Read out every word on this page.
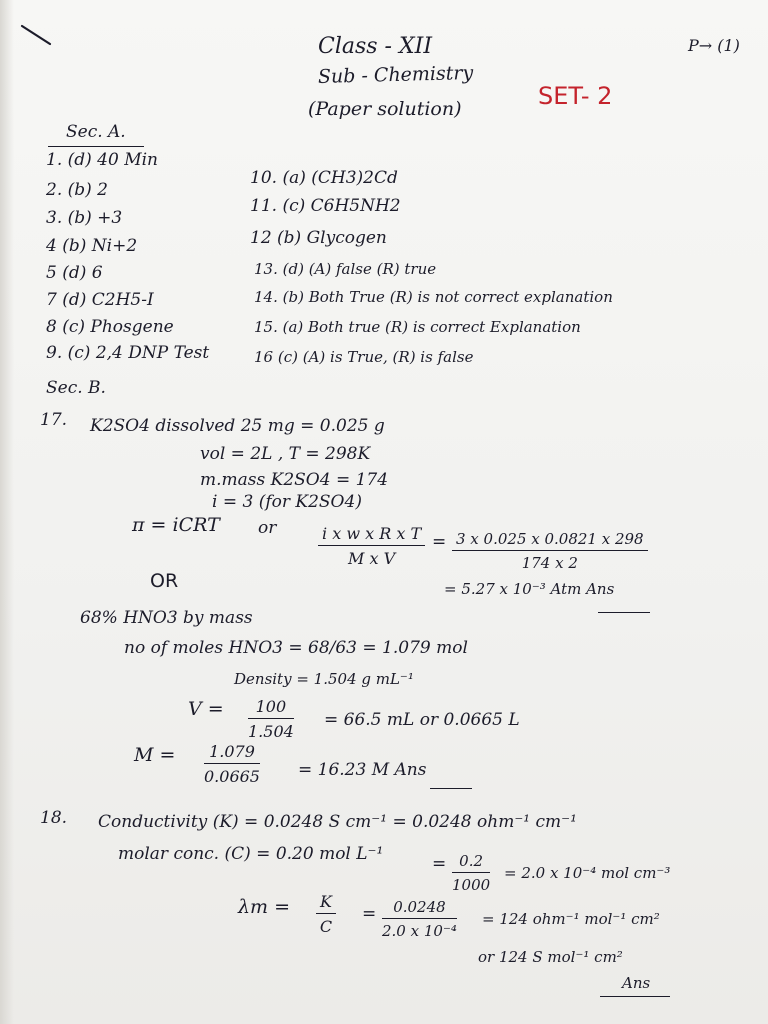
Class - XII
Sub - Chemistry
(Paper solution)
P→ (1)
SET- 2
Sec. A.
1. (d) 40 Min
2. (b) 2
3. (b) +3
4 (b) Ni+2
5 (d) 6
7 (d) C2H5-I
8 (c) Phosgene
9. (c) 2,4 DNP Test
10. (a) (CH3)2Cd
11. (c) C6H5NH2
12 (b) Glycogen
13. (d) (A) false (R) true
14. (b) Both True (R) is not correct explanation
15. (a) Both true (R) is correct Explanation
16 (c) (A) is True, (R) is false
Sec. B.
17. K2SO4 dissolved 25 mg = 0.025 g
vol = 2L , T = 298K
m.mass K2SO4 = 174
i = 3 (for K2SO4)
π = iCRT or	$\frac{\text{i x w x R x T}}{\text{M x V}} = \frac{3 x 0.025 x 0.0821 x 298}{174 x 2}$
= 5.27 x 10⁻³ Atm Ans
OR
68% HNO3 by mass
no of moles HNO3 = 68/63 = 1.079 mol
Density = 1.504 g mL⁻¹
$V = \frac{100}{1.504} = 66.5$ mL or 0.0665 L
$M = \frac{1.079}{0.0665} = 16.23$ M Ans
18. Conductivity (K) = 0.0248 S cm⁻¹ = 0.0248 ohm⁻¹ cm⁻¹
molar conc. (C) = 0.20 mol L⁻¹	= $\frac{0.2}{1000} = 2.0$ x 10⁻⁴ mol cm⁻³
$\lambda m = \frac{K}{C} = \frac{0.0248}{\text{2.0 x 10⁻⁴}} = 124$ ohm⁻¹ mol⁻¹ cm²
or 124 S mol⁻¹ cm²
Ans
